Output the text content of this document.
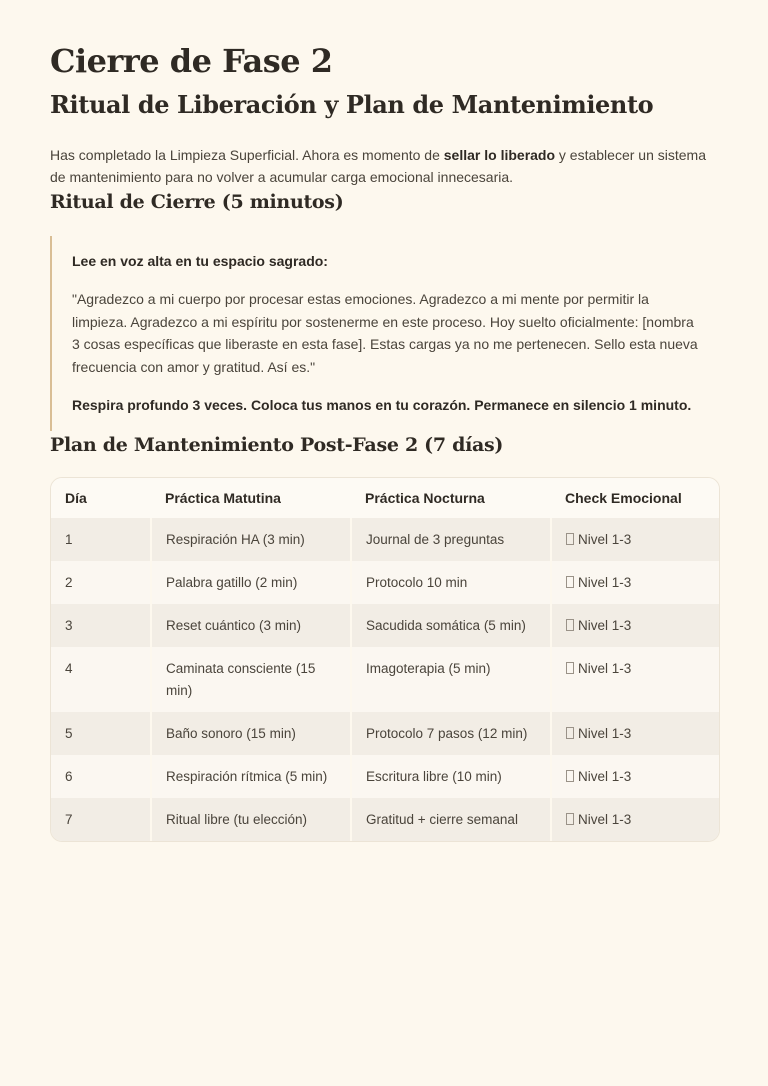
Cierre de Fase 2
Ritual de Liberación y Plan de Mantenimiento

Has completado la Limpieza Superficial. Ahora es momento de sellar lo liberado y establecer un sistema de mantenimiento para no volver a acumular carga emocional innecesaria.

Ritual de Cierre (5 minutos)

Lee en voz alta en tu espacio sagrado:

"Agradezco a mi cuerpo por procesar estas emociones. Agradezco a mi mente por permitir la limpieza. Agradezco a mi espíritu por sostenerme en este proceso. Hoy suelto oficialmente: [nombra 3 cosas específicas que liberaste en esta fase]. Estas cargas ya no me pertenecen. Sello esta nueva frecuencia con amor y gratitud. Así es."

Respira profundo 3 veces. Coloca tus manos en tu corazón. Permanece en silencio 1 minuto.

Plan de Mantenimiento Post-Fase 2 (7 días)
Día	Práctica Matutina	Práctica Nocturna	Check Emocional
1	Respiración HA (3 min)	Journal de 3 preguntas	Nivel 1-3
2	Palabra gatillo (2 min)	Protocolo 10 min	Nivel 1-3
3	Reset cuántico (3 min)	Sacudida somática (5 min)	Nivel 1-3
4	Caminata consciente (15 min)	Imagoterapia (5 min)	Nivel 1-3
5	Baño sonoro (15 min)	Protocolo 7 pasos (12 min)	Nivel 1-3
6	Respiración rítmica (5 min)	Escritura libre (10 min)	Nivel 1-3
7	Ritual libre (tu elección)	Gratitud + cierre semanal	Nivel 1-3
